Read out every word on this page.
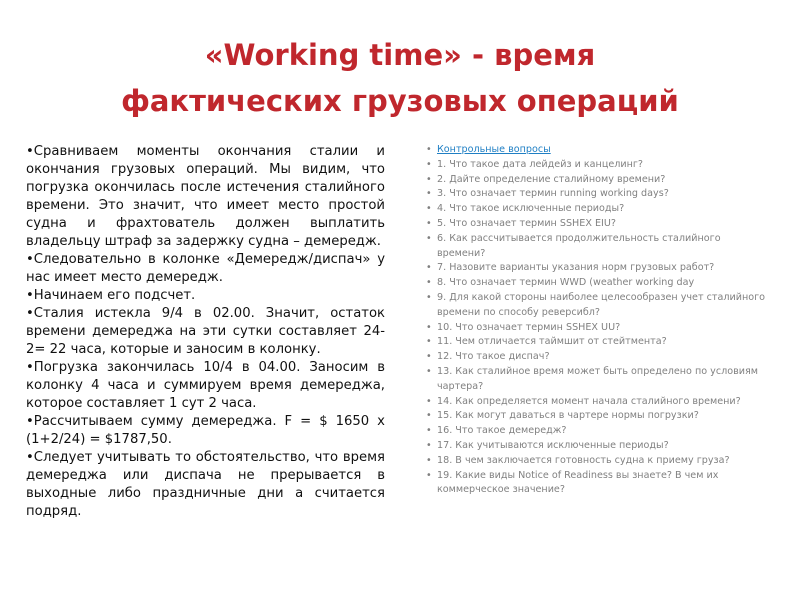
«Working time» - время
фактических грузовых операций

•Сравниваем моменты окончания сталии и окончания грузовых операций. Мы видим, что погрузка окончилась после истечения сталийного времени. Это значит, что имеет место простой судна и фрахтователь должен выплатить владельцу штраф за задержку судна – демередж.

•Следовательно в колонке «Демередж/диспач» у нас имеет место демередж.

•Начинаем его подсчет.

•Сталия истекла 9/4 в 02.00. Значит, остаток времени демереджа на эти сутки составляет 24-2= 22 часа, которые и заносим в колонку.

•Погрузка закончилась 10/4 в 04.00. Заносим в колонку 4 часа и суммируем время демереджа, которое составляет 1 сут 2 часа.

•Рассчитываем сумму демереджа. F = $ 1650 x (1+2/24) = $1787,50.

•Следует учитывать то обстоятельство, что время демереджа или диспача не прерывается в выходные либо праздничные дни а считается подряд.

• Контрольные вопросы
• 1. Что такое дата лейдейз и канцелинг?
• 2. Дайте определение сталийному времени?
• 3. Что означает термин running working days?
• 4. Что такое исключенные периоды?
• 5. Что означает термин SSHEX EIU?
• 6. Как рассчитывается продолжительность сталийного времени?
• 7. Назовите варианты указания норм грузовых работ?
• 8. Что означает термин WWD (weather working day
• 9. Для какой стороны наиболее целесообразен учет сталийного времени по способу реверсибл?
• 10. Что означает термин SSHEX UU?
• 11. Чем отличается таймшит от стейтмента?
• 12. Что такое диспач?
• 13. Как сталийное время может быть определено по условиям чартера?
• 14. Как определяется момент начала сталийного времени?
• 15. Как могут даваться в чартере нормы погрузки?
• 16. Что такое демередж?
• 17. Как учитываются исключенные периоды?
• 18. В чем заключается готовность судна к приему груза?
• 19. Какие виды Notice of Readiness вы знаете? В чем их коммерческое значение?
